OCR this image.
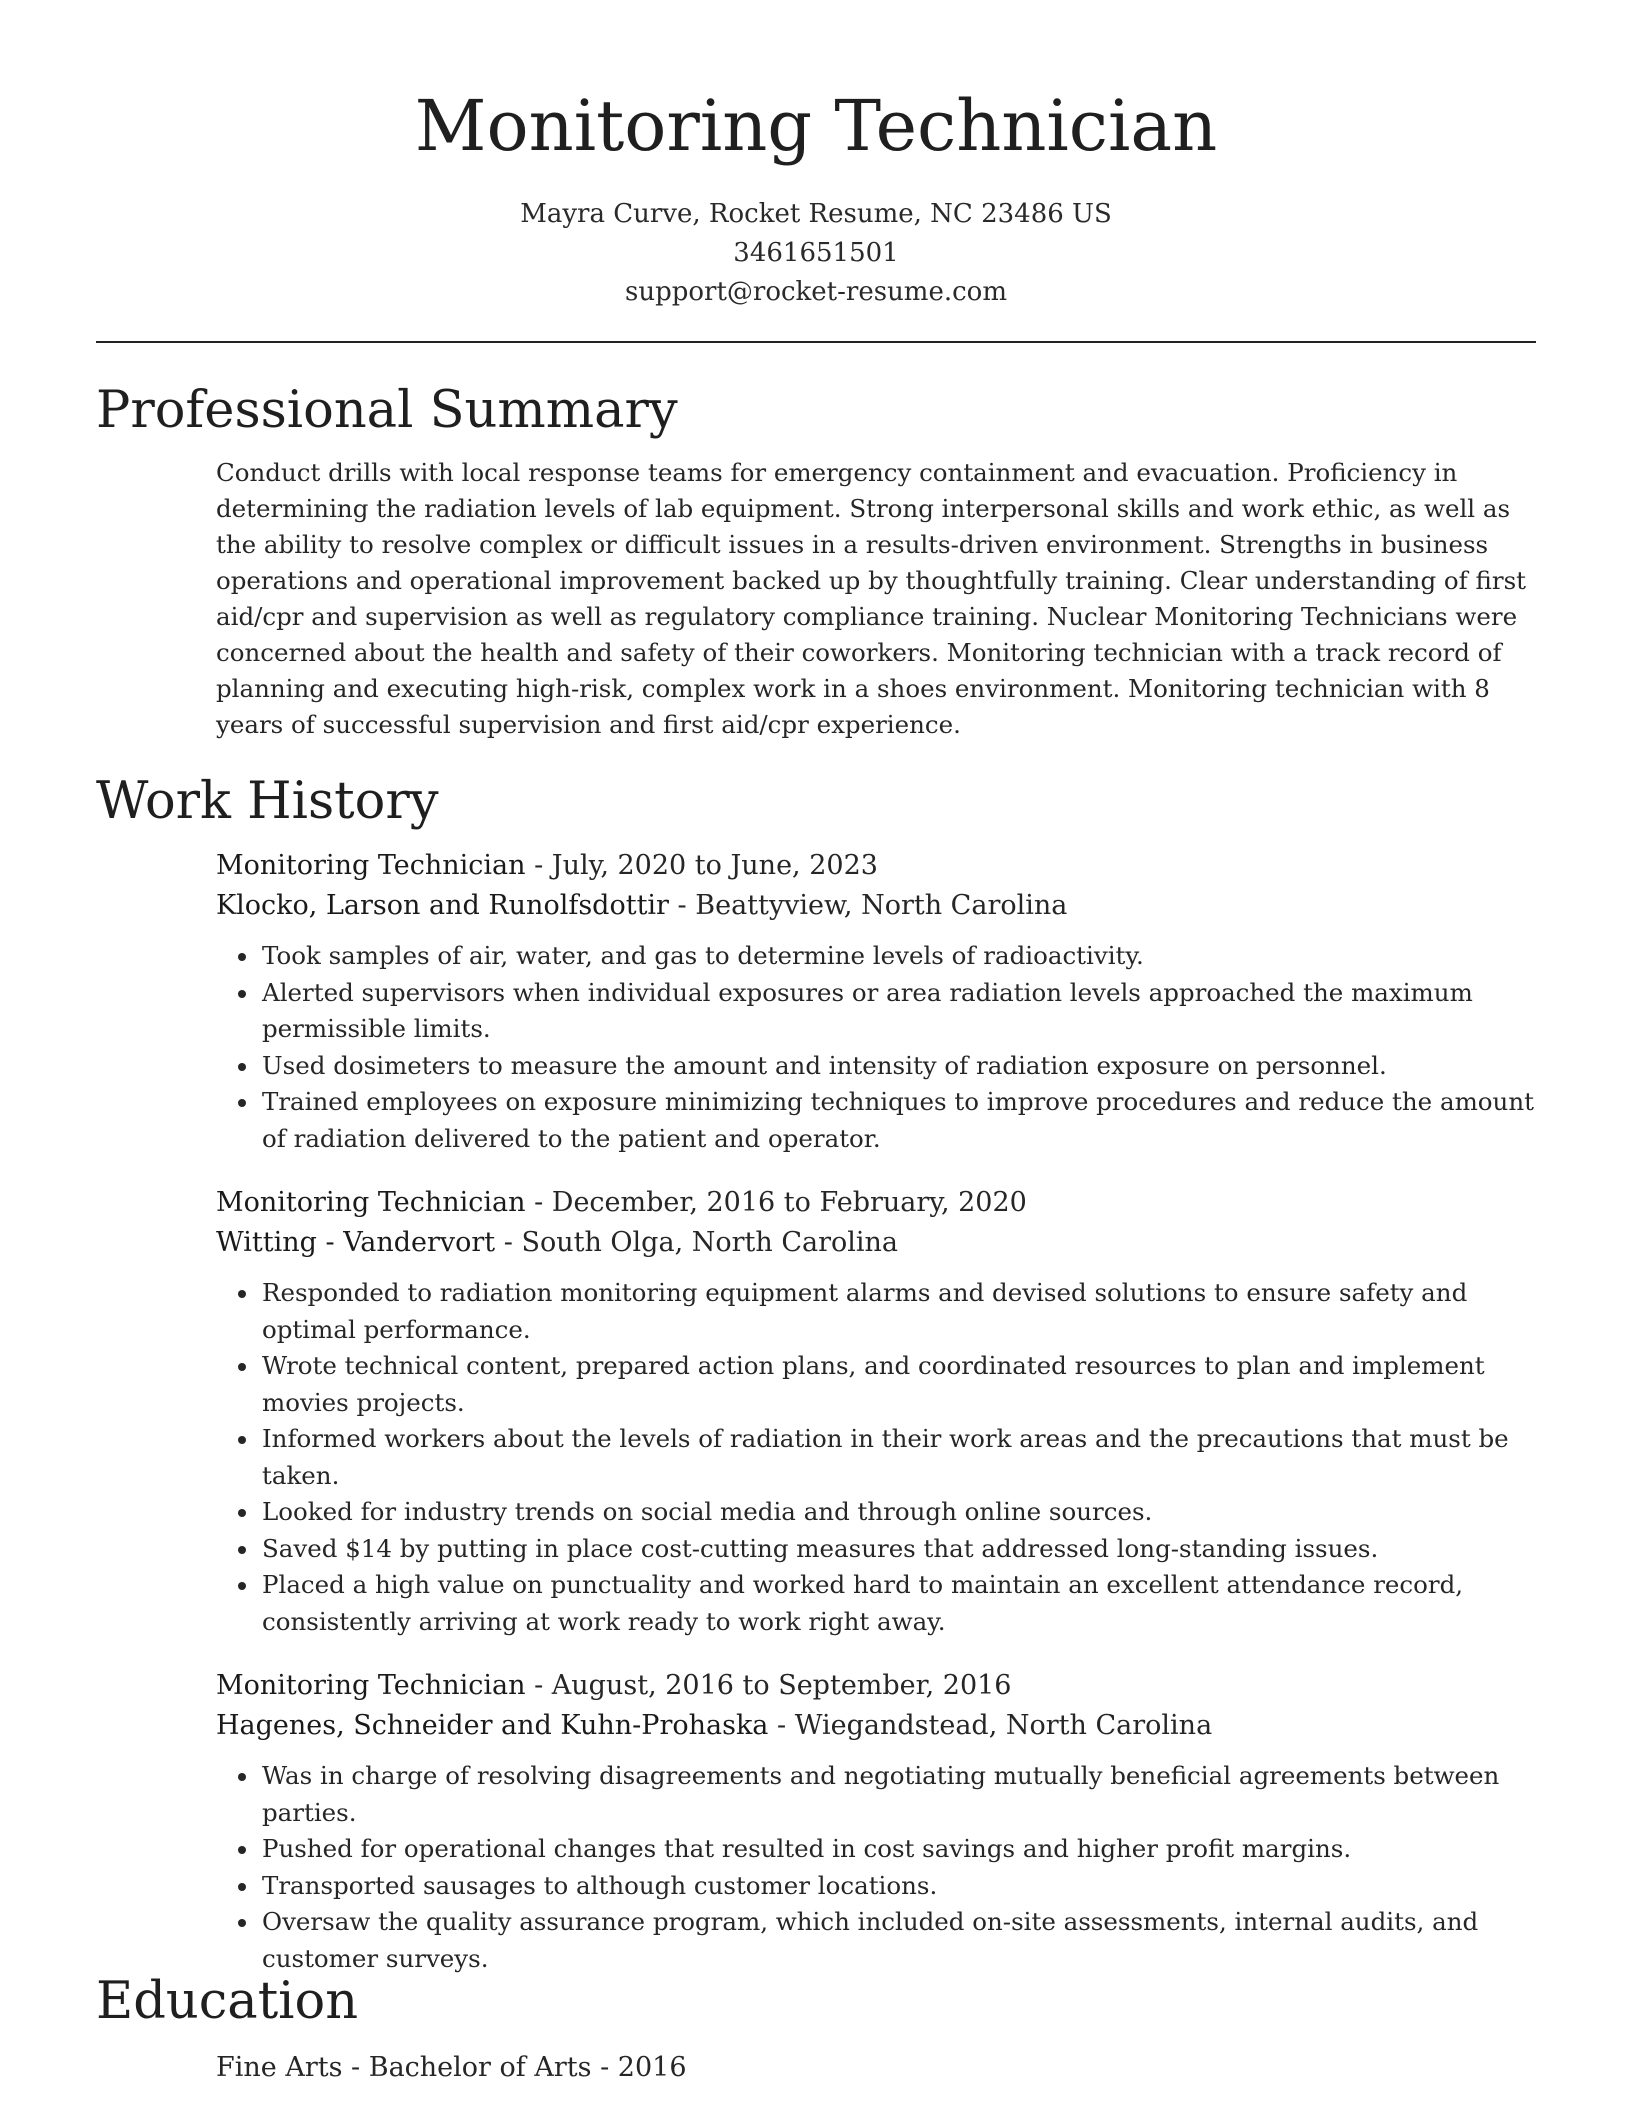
Monitoring Technician
Mayra Curve, Rocket Resume, NC 23486 US
3461651501
support@rocket-resume.com
Professional Summary
Conduct drills with local response teams for emergency containment and evacuation. Proficiency in determining the radiation levels of lab equipment. Strong interpersonal skills and work ethic, as well as the ability to resolve complex or difficult issues in a results-driven environment. Strengths in business operations and operational improvement backed up by thoughtfully training. Clear understanding of first aid/cpr and supervision as well as regulatory compliance training. Nuclear Monitoring Technicians were concerned about the health and safety of their coworkers. Monitoring technician with a track record of planning and executing high-risk, complex work in a shoes environment. Monitoring technician with 8 years of successful supervision and first aid/cpr experience.
Work History
Monitoring Technician - July, 2020 to June, 2023
Klocko, Larson and Runolfsdottir - Beattyview, North Carolina
• Took samples of air, water, and gas to determine levels of radioactivity.
• Alerted supervisors when individual exposures or area radiation levels approached the maximum permissible limits.
• Used dosimeters to measure the amount and intensity of radiation exposure on personnel.
• Trained employees on exposure minimizing techniques to improve procedures and reduce the amount of radiation delivered to the patient and operator.
Monitoring Technician - December, 2016 to February, 2020
Witting - Vandervort - South Olga, North Carolina
• Responded to radiation monitoring equipment alarms and devised solutions to ensure safety and optimal performance.
• Wrote technical content, prepared action plans, and coordinated resources to plan and implement movies projects.
• Informed workers about the levels of radiation in their work areas and the precautions that must be taken.
• Looked for industry trends on social media and through online sources.
• Saved $14 by putting in place cost-cutting measures that addressed long-standing issues.
• Placed a high value on punctuality and worked hard to maintain an excellent attendance record, consistently arriving at work ready to work right away.
Monitoring Technician - August, 2016 to September, 2016
Hagenes, Schneider and Kuhn-Prohaska - Wiegandstead, North Carolina
• Was in charge of resolving disagreements and negotiating mutually beneficial agreements between parties.
• Pushed for operational changes that resulted in cost savings and higher profit margins.
• Transported sausages to although customer locations.
• Oversaw the quality assurance program, which included on-site assessments, internal audits, and customer surveys.
Education
Fine Arts - Bachelor of Arts - 2016
